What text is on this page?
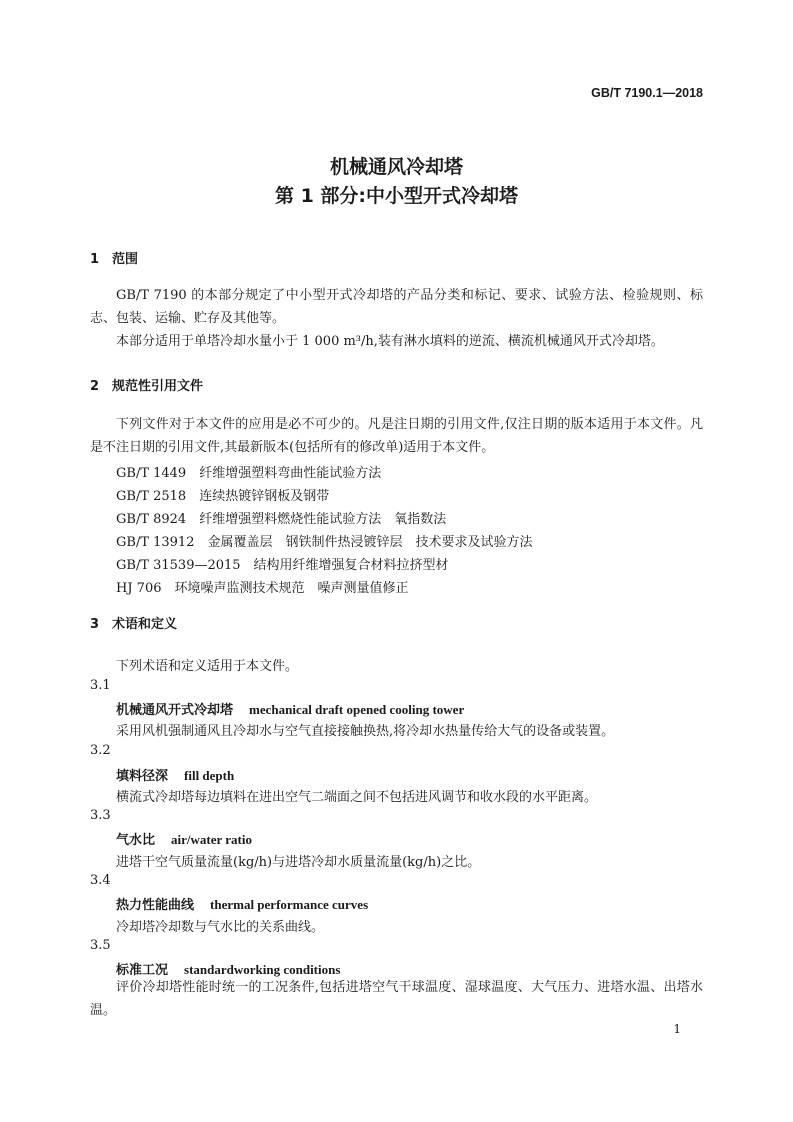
GB/T 7190.1—2018
机械通风冷却塔
第 1 部分:中小型开式冷却塔
1 范围
GB/T 7190 的本部分规定了中小型开式冷却塔的产品分类和标记、要求、试验方法、检验规则、标志、包装、运输、贮存及其他等。
本部分适用于单塔冷却水量小于 1 000 m³/h,装有淋水填料的逆流、横流机械通风开式冷却塔。
2 规范性引用文件
下列文件对于本文件的应用是必不可少的。凡是注日期的引用文件,仅注日期的版本适用于本文件。凡是不注日期的引用文件,其最新版本(包括所有的修改单)适用于本文件。
GB/T 1449　纤维增强塑料弯曲性能试验方法
GB/T 2518　连续热镀锌钢板及钢带
GB/T 8924　纤维增强塑料燃烧性能试验方法　氧指数法
GB/T 13912　金属覆盖层　钢铁制件热浸镀锌层　技术要求及试验方法
GB/T 31539—2015　结构用纤维增强复合材料拉挤型材
HJ 706　环境噪声监测技术规范　噪声测量值修正
3 术语和定义
下列术语和定义适用于本文件。
3.1
机械通风开式冷却塔 mechanical draft opened cooling tower
采用风机强制通风且冷却水与空气直接接触换热,将冷却水热量传给大气的设备或装置。
3.2
填料径深 fill depth
横流式冷却塔每边填料在进出空气二端面之间不包括进风调节和收水段的水平距离。
3.3
气水比 air/water ratio
进塔干空气质量流量(kg/h)与进塔冷却水质量流量(kg/h)之比。
3.4
热力性能曲线 thermal performance curves
冷却塔冷却数与气水比的关系曲线。
3.5
标准工况 standardworking conditions
评价冷却塔性能时统一的工况条件,包括进塔空气干球温度、湿球温度、大气压力、进塔水温、出塔水温。
1
